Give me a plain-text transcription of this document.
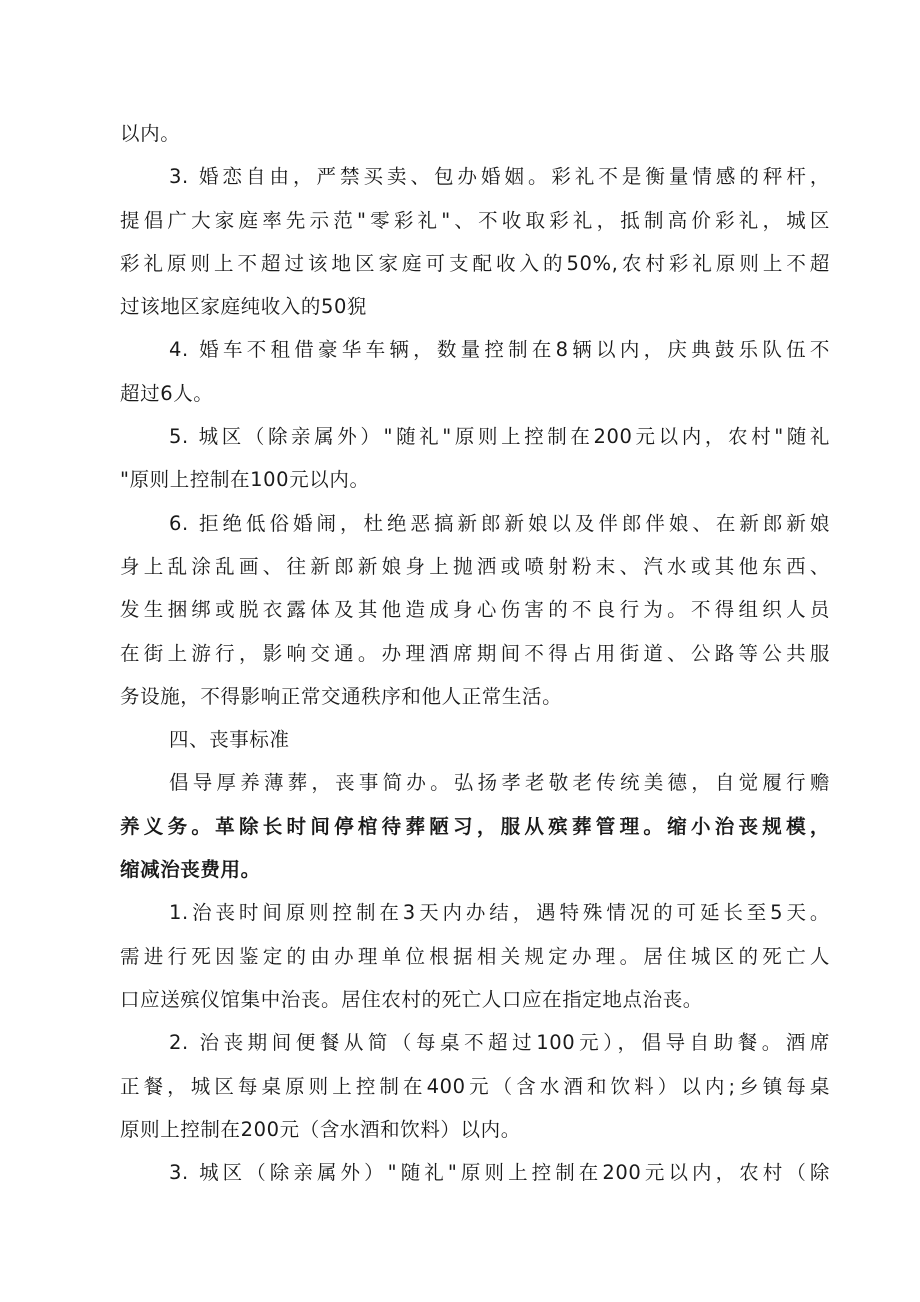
以内。
3. 婚恋自由，严禁买卖、包办婚姻。彩礼不是衡量情感的秤杆，
提倡广大家庭率先示范"零彩礼"、不收取彩礼，抵制高价彩礼，城区
彩礼原则上不超过该地区家庭可支配收入的50%,农村彩礼原则上不超
过该地区家庭纯收入的50猊
4. 婚车不租借豪华车辆，数量控制在8辆以内，庆典鼓乐队伍不
超过6人。
5. 城区（除亲属外）"随礼"原则上控制在200元以内，农村"随礼
"原则上控制在100元以内。
6. 拒绝低俗婚闹，杜绝恶搞新郎新娘以及伴郎伴娘、在新郎新娘
身上乱涂乱画、往新郎新娘身上抛洒或喷射粉末、汽水或其他东西、
发生捆绑或脱衣露体及其他造成身心伤害的不良行为。不得组织人员
在街上游行，影响交通。办理酒席期间不得占用街道、公路等公共服
务设施，不得影响正常交通秩序和他人正常生活。
四、丧事标准
倡导厚养薄葬，丧事简办。弘扬孝老敬老传统美德，自觉履行赡
养义务。革除长时间停棺待葬陋习，服从殡葬管理。缩小治丧规模，
缩减治丧费用。
1.治丧时间原则控制在3天内办结，遇特殊情况的可延长至5天。
需进行死因鉴定的由办理单位根据相关规定办理。居住城区的死亡人
口应送殡仪馆集中治丧。居住农村的死亡人口应在指定地点治丧。
2. 治丧期间便餐从简（每桌不超过100元），倡导自助餐。酒席
正餐，城区每桌原则上控制在400元（含水酒和饮料）以内;乡镇每桌
原则上控制在200元（含水酒和饮料）以内。
3. 城区（除亲属外）"随礼"原则上控制在200元以内，农村（除
